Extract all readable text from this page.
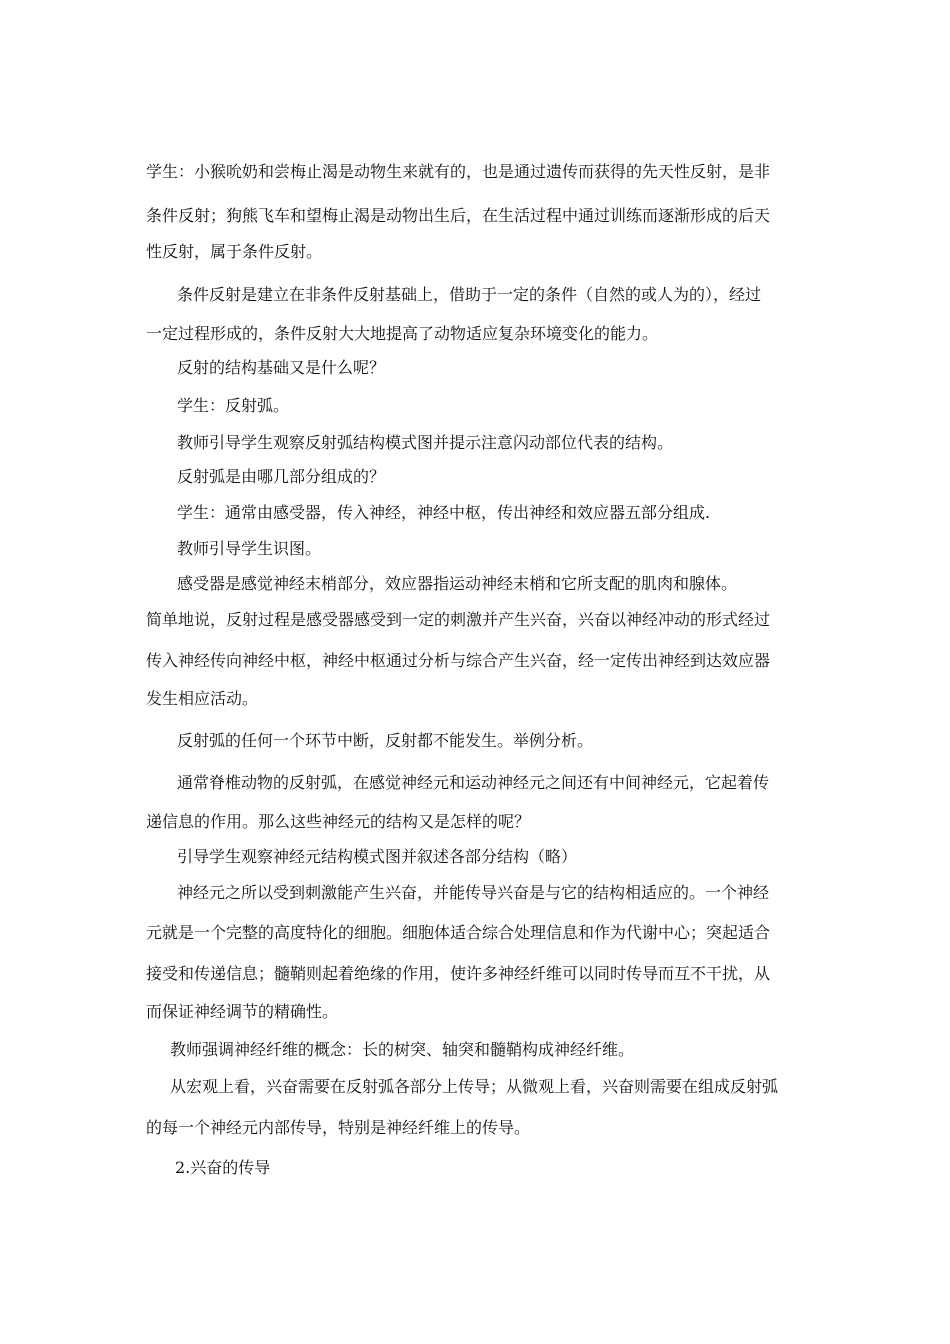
学生：小猴吮奶和尝梅止渴是动物生来就有的，也是通过遗传而获得的先天性反射，是非
条件反射；狗熊飞车和望梅止渴是动物出生后，在生活过程中通过训练而逐渐形成的后天
性反射，属于条件反射。
条件反射是建立在非条件反射基础上，借助于一定的条件（自然的或人为的），经过
一定过程形成的，条件反射大大地提高了动物适应复杂环境变化的能力。
反射的结构基础又是什么呢？
学生：反射弧。
教师引导学生观察反射弧结构模式图并提示注意闪动部位代表的结构。
反射弧是由哪几部分组成的？
学生：通常由感受器，传入神经，神经中枢，传出神经和效应器五部分组成.
教师引导学生识图。
感受器是感觉神经末梢部分，效应器指运动神经末梢和它所支配的肌肉和腺体。
简单地说，反射过程是感受器感受到一定的刺激并产生兴奋，兴奋以神经冲动的形式经过
传入神经传向神经中枢，神经中枢通过分析与综合产生兴奋，经一定传出神经到达效应器
发生相应活动。
反射弧的任何一个环节中断，反射都不能发生。举例分析。
通常脊椎动物的反射弧，在感觉神经元和运动神经元之间还有中间神经元，它起着传
递信息的作用。那么这些神经元的结构又是怎样的呢？
引导学生观察神经元结构模式图并叙述各部分结构（略）
神经元之所以受到刺激能产生兴奋，并能传导兴奋是与它的结构相适应的。一个神经
元就是一个完整的高度特化的细胞。细胞体适合综合处理信息和作为代谢中心；突起适合
接受和传递信息；髓鞘则起着绝缘的作用，使许多神经纤维可以同时传导而互不干扰，从
而保证神经调节的精确性。
教师强调神经纤维的概念：长的树突、轴突和髓鞘构成神经纤维。
从宏观上看，兴奋需要在反射弧各部分上传导；从微观上看，兴奋则需要在组成反射弧
的每一个神经元内部传导，特别是神经纤维上的传导。
2.兴奋的传导
